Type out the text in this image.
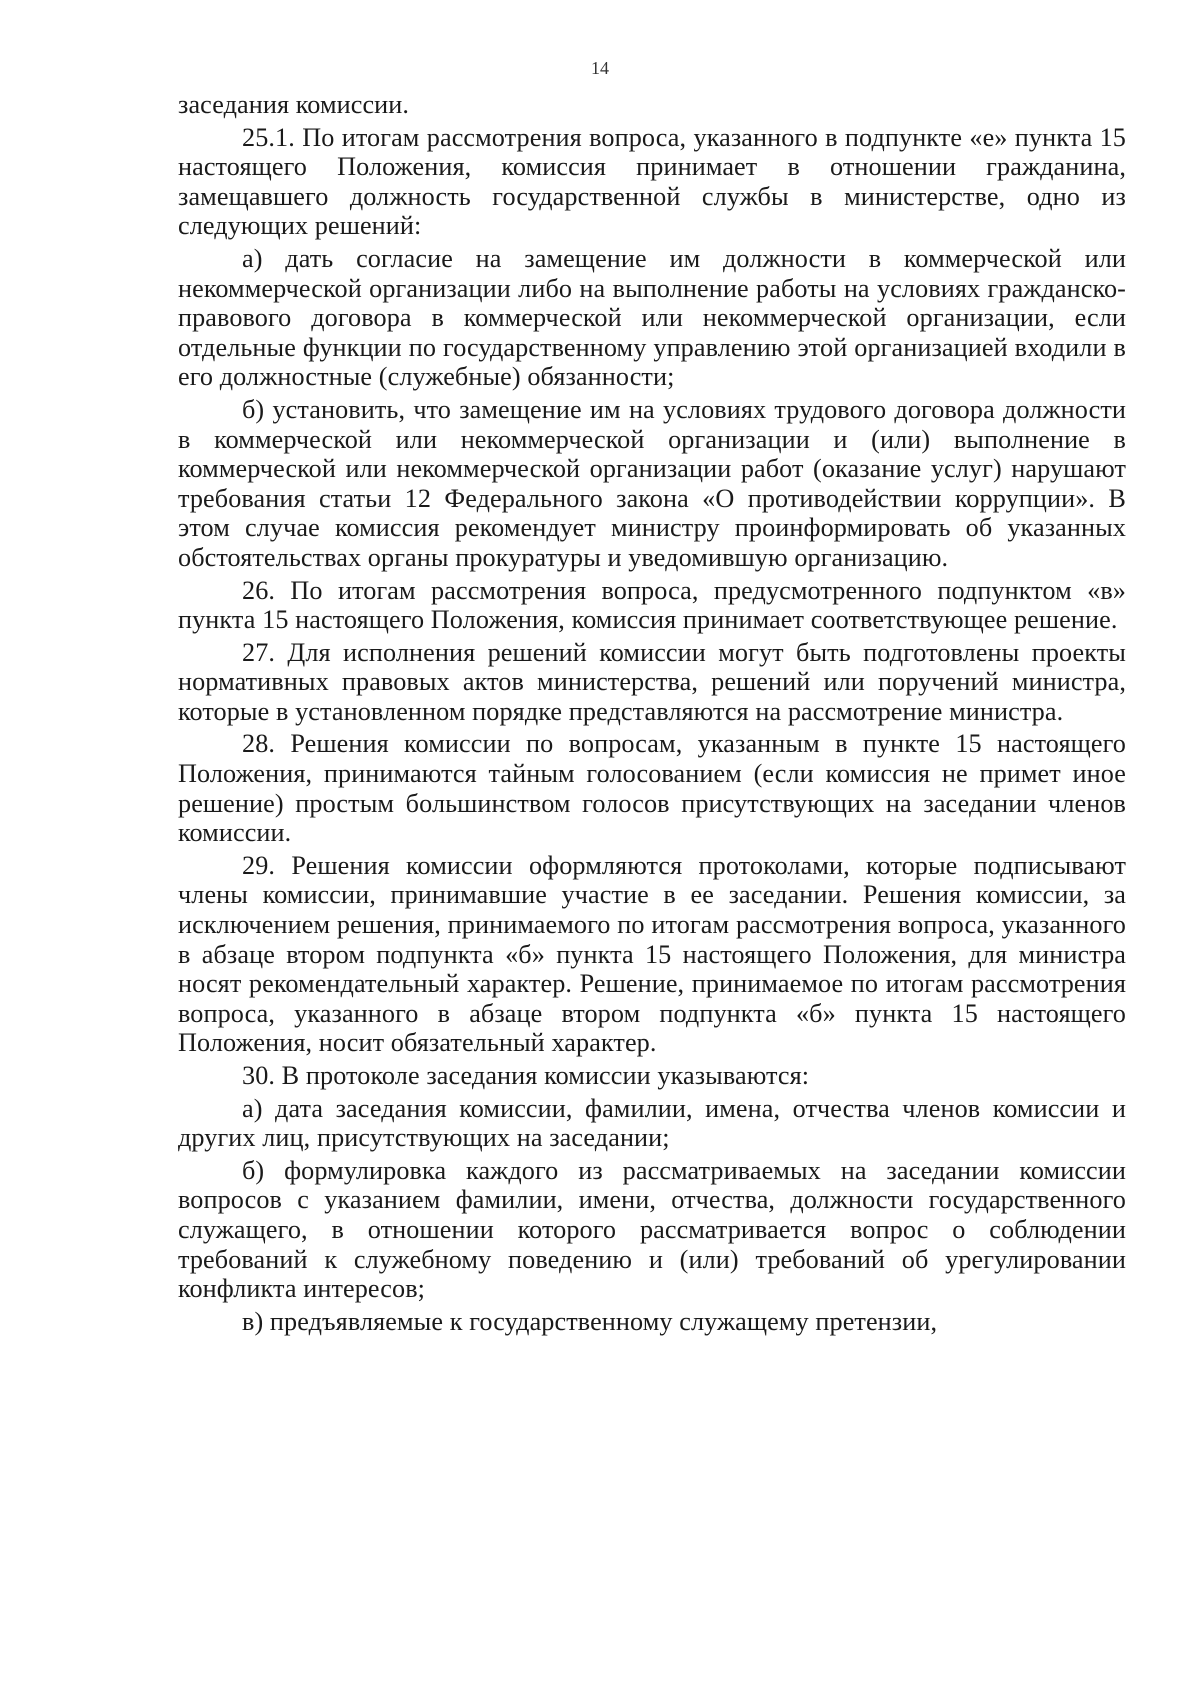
14

заседания комиссии.

25.1. По итогам рассмотрения вопроса, указанного в подпункте «е» пункта 15 настоящего Положения, комиссия принимает в отношении гражданина, замещавшего должность государственной службы в министерстве, одно из следующих решений:

а) дать согласие на замещение им должности в коммерческой или некоммерческой организации либо на выполнение работы на условиях гражданско-правового договора в коммерческой или некоммерческой организации, если отдельные функции по государственному управлению этой организацией входили в его должностные (служебные) обязанности;

б) установить, что замещение им на условиях трудового договора должности в коммерческой или некоммерческой организации и (или) выполнение в коммерческой или некоммерческой организации работ (оказание услуг) нарушают требования статьи 12 Федерального закона «О противодействии коррупции». В этом случае комиссия рекомендует министру проинформировать об указанных обстоятельствах органы прокуратуры и уведомившую организацию.

26. По итогам рассмотрения вопроса, предусмотренного подпунктом «в» пункта 15 настоящего Положения, комиссия принимает соответствующее решение.

27. Для исполнения решений комиссии могут быть подготовлены проекты нормативных правовых актов министерства, решений или поручений министра, которые в установленном порядке представляются на рассмотрение министра.

28. Решения комиссии по вопросам, указанным в пункте 15 настоящего Положения, принимаются тайным голосованием (если комиссия не примет иное решение) простым большинством голосов присутствующих на заседании членов комиссии.

29. Решения комиссии оформляются протоколами, которые подписывают члены комиссии, принимавшие участие в ее заседании. Решения комиссии, за исключением решения, принимаемого по итогам рассмотрения вопроса, указанного в абзаце втором подпункта «б» пункта 15 настоящего Положения, для министра носят рекомендательный характер. Решение, принимаемое по итогам рассмотрения вопроса, указанного в абзаце втором подпункта «б» пункта 15 настоящего Положения, носит обязательный характер.

30. В протоколе заседания комиссии указываются:

а) дата заседания комиссии, фамилии, имена, отчества членов комиссии и других лиц, присутствующих на заседании;

б) формулировка каждого из рассматриваемых на заседании комиссии вопросов с указанием фамилии, имени, отчества, должности государственного служащего, в отношении которого рассматривается вопрос о соблюдении требований к служебному поведению и (или) требований об урегулировании конфликта интересов;

в) предъявляемые к государственному служащему претензии,
